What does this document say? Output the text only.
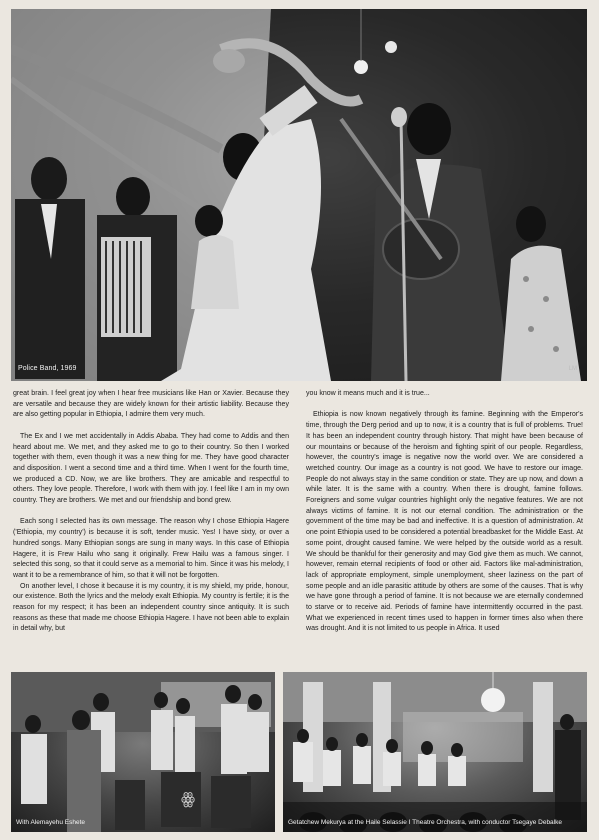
Police Band, 1969	LM

great brain. I feel great joy when I hear free musicians like Han or Xavier. Because they are versatile and because they are widely known for their artistic liability. Because they are also getting popular in Ethiopia, I admire them very much.

The Ex and I we met accidentally in Addis Ababa. They had come to Addis and then heard about me. We met, and they asked me to go to their country. So then I worked together with them, even though it was a new thing for me. They have good character and disposition. I went a second time and a third time. When I went for the fourth time, we produced a CD. Now, we are like brothers. They are amicable and respectful to others. They love people. Therefore, I work with them with joy. I feel like I am in my own country. They are brothers. We met and our friendship and bond grew.

Each song I selected has its own message. The reason why I chose Ethiopia Hagere ('Ethiopia, my country') is because it is soft, tender music. Yes! I have sixty, or over a hundred songs. Many Ethiopian songs are sung in many ways. In this case of Ethiopia Hagere, it is Frew Hailu who sang it originally. Frew Hailu was a famous singer. I selected this song, so that it could serve as a memorial to him. Since it was his melody, I want it to be a remembrance of him, so that it will not be forgotten.

On another level, I chose it because it is my country, it is my shield, my pride, honour, our existence. Both the lyrics and the melody exalt Ethiopia. My country is fertile; it is the reason for my respect; it has been an independent country since antiquity. It is such reasons as these that made me choose Ethiopia Hagere. I have not been able to explain in detail why, but

you know it means much and it is true...

Ethiopia is now known negatively through its famine. Beginning with the Emperor's time, through the Derg period and up to now, it is a country that is full of problems. True! It has been an independent country through history. That might have been because of our mountains or because of the heroism and fighting spirit of our people. Regardless, however, the country's image is negative now the world over. We are considered a wretched country. Our image as a country is not good. We have to restore our image. People do not always stay in the same condition or state. They are up now, and down a while later. It is the same with a country. When there is drought, famine follows. Foreigners and some vulgar countries highlight only the negative features. We are not always victims of famine. It is not our eternal condition. The administration or the government of the time may be bad and ineffective. It is a question of administration. At one point Ethiopia used to be considered a potential breadbasket for the Middle East. At some point, drought caused famine. We were helped by the outside world as a result. We should be thankful for their generosity and may God give them as much. We cannot, however, remain eternal recipients of food or other aid. Factors like mal-administration, lack of appropriate employment, simple unemployment, sheer laziness on the part of some people and an idle parasitic attitude by others are some of the causes. That is why we have gone through a period of famine. It is not because we are eternally condemned to starve or to receive aid. Periods of famine have intermittently occurred in the past. What we experienced in recent times used to happen in former times also when there was drought. And it is not limited to us people in Africa. It used

ꙮ
With Alemayehu Eshete	Getatchew Mekurya at the Haile Selassie I Theatre Orchestra, with conductor Tsegaye Debalke
